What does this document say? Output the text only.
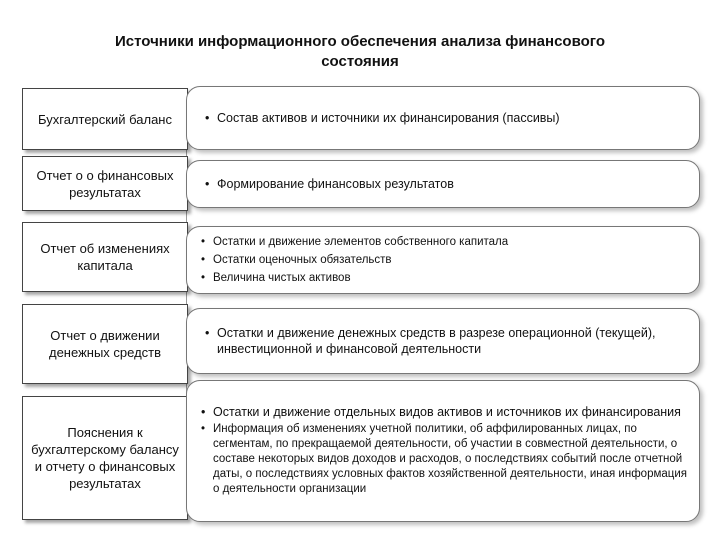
Источники информационного обеспечения анализа финансового состояния
Бухгалтерский баланс	• Состав активов и источники их финансирования (пассивы)
Отчет о о финансовых результатах
• Формирование финансовых результатов
Отчет об изменениях капитала
• Остатки и движение элементов собственного капитала
• Остатки оценочных обязательств
• Величина чистых активов
Отчет о движении денежных средств
• Остатки и движение денежных средств в разрезе операционной (текущей), инвестиционной и финансовой деятельности
Пояснения к бухгалтерскому балансу и отчету о финансовых результатах
• Остатки и движение отдельных видов активов и источников их финансирования
• Информация об изменениях учетной политики, об аффилированных лицах, по сегментам, по прекращаемой деятельности, об участии в совместной деятельности, о составе некоторых видов доходов и расходов, о последствиях событий после отчетной даты, о последствиях условных фактов хозяйственной деятельности, иная информация о деятельности организации
